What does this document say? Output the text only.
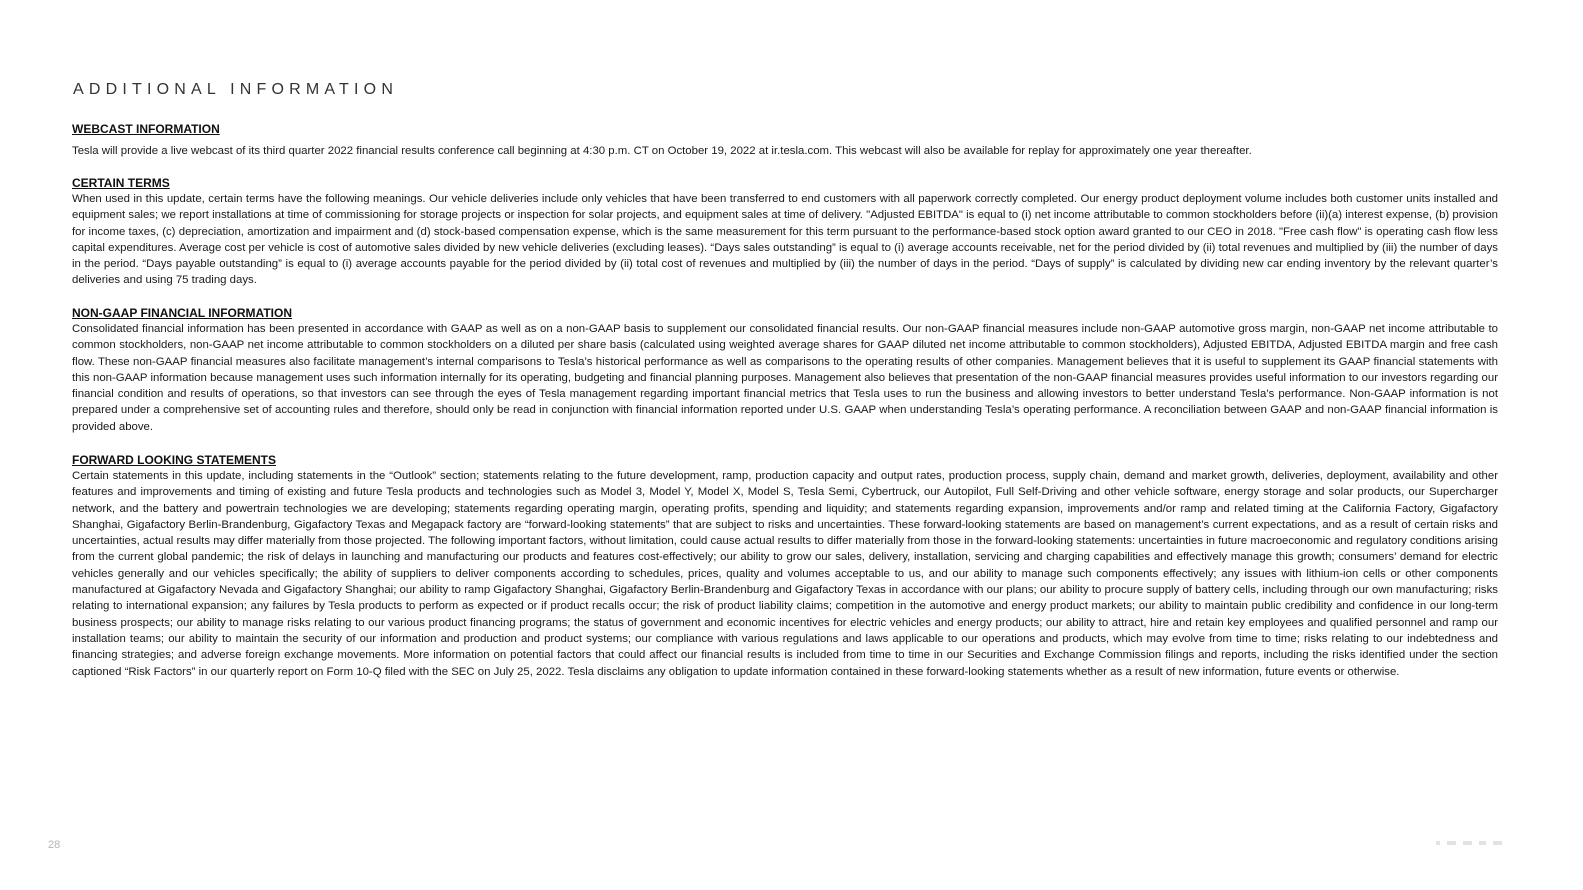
ADDITIONAL INFORMATION
WEBCAST INFORMATION

Tesla will provide a live webcast of its third quarter 2022 financial results conference call beginning at 4:30 p.m. CT on October 19, 2022 at ir.tesla.com. This webcast will also be available for replay for approximately one year thereafter.

CERTAIN TERMS

When used in this update, certain terms have the following meanings. Our vehicle deliveries include only vehicles that have been transferred to end customers with all paperwork correctly completed. Our energy product deployment volume includes both customer units installed and equipment sales; we report installations at time of commissioning for storage projects or inspection for solar projects, and equipment sales at time of delivery. "Adjusted EBITDA" is equal to (i) net income attributable to common stockholders before (ii)(a) interest expense, (b) provision for income taxes, (c) depreciation, amortization and impairment and (d) stock-based compensation expense, which is the same measurement for this term pursuant to the performance-based stock option award granted to our CEO in 2018. "Free cash flow" is operating cash flow less capital expenditures. Average cost per vehicle is cost of automotive sales divided by new vehicle deliveries (excluding leases). “Days sales outstanding” is equal to (i) average accounts receivable, net for the period divided by (ii) total revenues and multiplied by (iii) the number of days in the period. “Days payable outstanding” is equal to (i) average accounts payable for the period divided by (ii) total cost of revenues and multiplied by (iii) the number of days in the period. “Days of supply” is calculated by dividing new car ending inventory by the relevant quarter’s deliveries and using 75 trading days.

NON-GAAP FINANCIAL INFORMATION

Consolidated financial information has been presented in accordance with GAAP as well as on a non-GAAP basis to supplement our consolidated financial results. Our non-GAAP financial measures include non-GAAP automotive gross margin, non-GAAP net income attributable to common stockholders, non-GAAP net income attributable to common stockholders on a diluted per share basis (calculated using weighted average shares for GAAP diluted net income attributable to common stockholders), Adjusted EBITDA, Adjusted EBITDA margin and free cash flow. These non-GAAP financial measures also facilitate management’s internal comparisons to Tesla’s historical performance as well as comparisons to the operating results of other companies. Management believes that it is useful to supplement its GAAP financial statements with this non-GAAP information because management uses such information internally for its operating, budgeting and financial planning purposes. Management also believes that presentation of the non-GAAP financial measures provides useful information to our investors regarding our financial condition and results of operations, so that investors can see through the eyes of Tesla management regarding important financial metrics that Tesla uses to run the business and allowing investors to better understand Tesla’s performance. Non-GAAP information is not prepared under a comprehensive set of accounting rules and therefore, should only be read in conjunction with financial information reported under U.S. GAAP when understanding Tesla’s operating performance. A reconciliation between GAAP and non-GAAP financial information is provided above.

FORWARD LOOKING STATEMENTS

Certain statements in this update, including statements in the “Outlook” section; statements relating to the future development, ramp, production capacity and output rates, production process, supply chain, demand and market growth, deliveries, deployment, availability and other features and improvements and timing of existing and future Tesla products and technologies such as Model 3, Model Y, Model X, Model S, Tesla Semi, Cybertruck, our Autopilot, Full Self-Driving and other vehicle software, energy storage and solar products, our Supercharger network, and the battery and powertrain technologies we are developing; statements regarding operating margin, operating profits, spending and liquidity; and statements regarding expansion, improvements and/or ramp and related timing at the California Factory, Gigafactory Shanghai, Gigafactory Berlin-Brandenburg, Gigafactory Texas and Megapack factory are “forward-looking statements” that are subject to risks and uncertainties. These forward-looking statements are based on management’s current expectations, and as a result of certain risks and uncertainties, actual results may differ materially from those projected. The following important factors, without limitation, could cause actual results to differ materially from those in the forward-looking statements: uncertainties in future macroeconomic and regulatory conditions arising from the current global pandemic; the risk of delays in launching and manufacturing our products and features cost-effectively; our ability to grow our sales, delivery, installation, servicing and charging capabilities and effectively manage this growth; consumers’ demand for electric vehicles generally and our vehicles specifically; the ability of suppliers to deliver components according to schedules, prices, quality and volumes acceptable to us, and our ability to manage such components effectively; any issues with lithium-ion cells or other components manufactured at Gigafactory Nevada and Gigafactory Shanghai; our ability to ramp Gigafactory Shanghai, Gigafactory Berlin-Brandenburg and Gigafactory Texas in accordance with our plans; our ability to procure supply of battery cells, including through our own manufacturing; risks relating to international expansion; any failures by Tesla products to perform as expected or if product recalls occur; the risk of product liability claims; competition in the automotive and energy product markets; our ability to maintain public credibility and confidence in our long-term business prospects; our ability to manage risks relating to our various product financing programs; the status of government and economic incentives for electric vehicles and energy products; our ability to attract, hire and retain key employees and qualified personnel and ramp our installation teams; our ability to maintain the security of our information and production and product systems; our compliance with various regulations and laws applicable to our operations and products, which may evolve from time to time; risks relating to our indebtedness and financing strategies; and adverse foreign exchange movements. More information on potential factors that could affect our financial results is included from time to time in our Securities and Exchange Commission filings and reports, including the risks identified under the section captioned “Risk Factors” in our quarterly report on Form 10-Q filed with the SEC on July 25, 2022. Tesla disclaims any obligation to update information contained in these forward-looking statements whether as a result of new information, future events or otherwise.

28
